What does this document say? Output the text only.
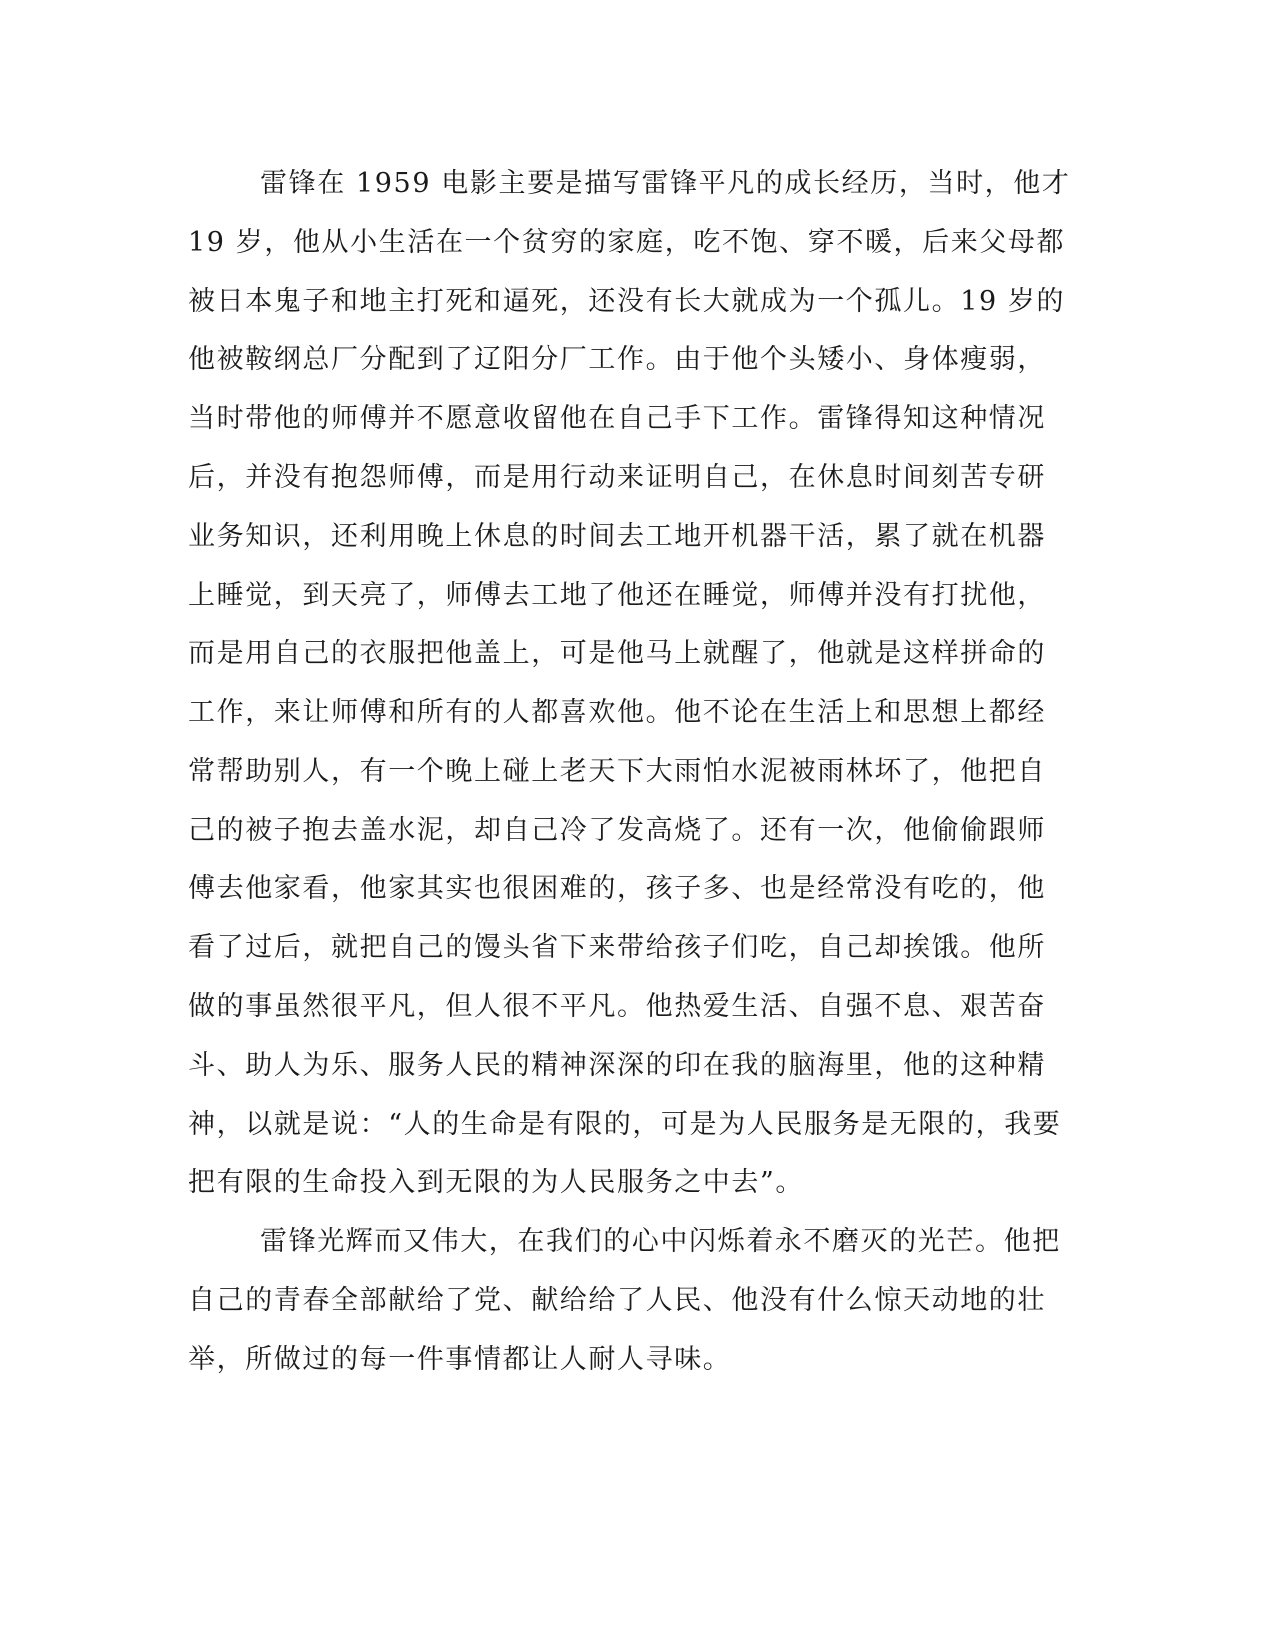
雷锋在 1959 电影主要是描写雷锋平凡的成长经历，当时，他才
19 岁，他从小生活在一个贫穷的家庭，吃不饱、穿不暖，后来父母都
被日本鬼子和地主打死和逼死，还没有长大就成为一个孤儿。19 岁的
他被鞍纲总厂分配到了辽阳分厂工作。由于他个头矮小、身体瘦弱，
当时带他的师傅并不愿意收留他在自己手下工作。雷锋得知这种情况
后，并没有抱怨师傅，而是用行动来证明自己，在休息时间刻苦专研
业务知识，还利用晚上休息的时间去工地开机器干活，累了就在机器
上睡觉，到天亮了，师傅去工地了他还在睡觉，师傅并没有打扰他，
而是用自己的衣服把他盖上，可是他马上就醒了，他就是这样拼命的
工作，来让师傅和所有的人都喜欢他。他不论在生活上和思想上都经
常帮助别人，有一个晚上碰上老天下大雨怕水泥被雨林坏了，他把自
己的被子抱去盖水泥，却自己冷了发高烧了。还有一次，他偷偷跟师
傅去他家看，他家其实也很困难的，孩子多、也是经常没有吃的，他
看了过后，就把自己的馒头省下来带给孩子们吃，自己却挨饿。他所
做的事虽然很平凡，但人很不平凡。他热爱生活、自强不息、艰苦奋
斗、助人为乐、服务人民的精神深深的印在我的脑海里，他的这种精
神，以就是说：“人的生命是有限的，可是为人民服务是无限的，我要
把有限的生命投入到无限的为人民服务之中去”。
雷锋光辉而又伟大，在我们的心中闪烁着永不磨灭的光芒。他把
自己的青春全部献给了党、献给给了人民、他没有什么惊天动地的壮
举，所做过的每一件事情都让人耐人寻味。
